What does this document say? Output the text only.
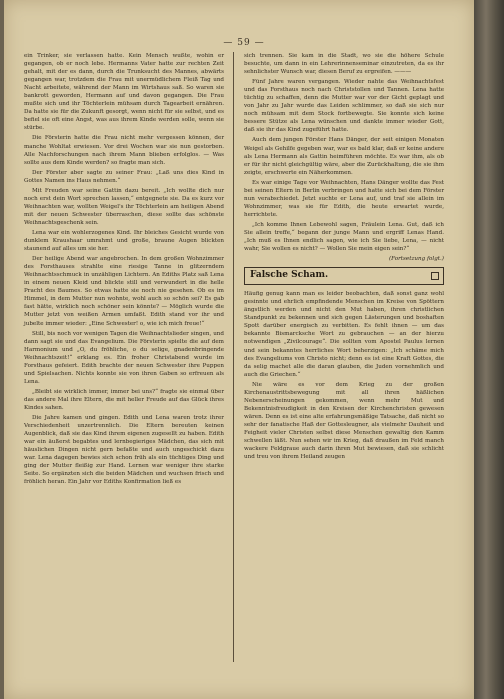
— 59 —

ein Trinker, sie verlassen hatte. Kein Mensch wußte, wohin er gegangen, ob er noch lebe. Hermanns Vater hatte zur rechten Zeit gehalt, mit der es dann, durch die Trunksucht des Mannes, abwärts gegangen war, trotzdem die Frau mit unermüdlichem Fleiß Tag und Nacht arbeitete, während der Mann im Wirtshaus saß. So waren sie bankrott geworden, Hermann auf und davon gegangen. Die Frau mußte sich und ihr Töchterlein mühsam durch Tagearbeit ernähren. Da hatte sie für die Zukunft gesorgt, wenn nicht für sie selbst, und es befiel sie oft eine Angst, was aus ihrem Kinde werden solle, wenn sie stürbe.

Die Försterin hatte die Frau nicht mehr vergessen können, der manche Wohltat erwiesen. Vor drei Wochen war sie nun gestorben. Alle Nachforschungen nach ihrem Mann blieben erfolglos. — Was sollte aus dem Kinde werden? so fragte man sich.

Der Förster aber sagte zu seiner Frau: „Laß uns dies Kind in Gottes Namen ins Haus nehmen.“

Mit Freuden war seine Gattin dazu bereit. „Ich wollte dich nur noch erst dein Wort sprechen lassen,“ entgegnete sie. Da es kurz vor Weihnachten war, wollten Weigel's ihr Töchterlein am heiligen Abend mit der neuen Schwester überraschen, diese sollte das schönste Weihnachtsgeschenk sein.

Lena war ein wohlerzogenes Kind. Ihr bleiches Gesicht wurde von dunklem Kraushaar umrahmt und große, braune Augen blickten staunend auf alles um sie her.

Der heilige Abend war angebrochen. In dem großen Wohnzimmer des Forsthauses strahlte eine riesige Tanne in glitzerndem Weihnachtsschmuck in unzähligen Lichtern. An Ediths Platz saß Lena in einem neuen Kleid und blickte still und verwundert in die helle Pracht des Baumes. So etwas hatte sie noch nie gesehen. Ob es im Himmel, in dem Mutter nun wohnte, wohl auch so schön sei? Es gab fast hätte, wirklich noch schöner sein könnte? — Möglich wurde die Mutter jetzt von weißen Armen umfaßt. Edith stand vor ihr und jubelte immer wieder: „Eine Schwester! o, wie ich mich freue!“

Still, bis noch vor wenigen Tagen die Weihnachtslieder singen, und dann sagt sie und das Evangelium. Die Försterin spielte die auf dem Harmonium und „O, du fröhliche, o du selige, gnadenbringende Weihnachtszeit!“ erklang es. Ein froher Christabend wurde im Forsthaus gefeiert. Edith brachte der neuen Schwester ihre Puppen und Spielsachen. Nichts konnte sie von ihren Gaben so erfreuen als Lena.

„Bleibt sie wirklich immer, immer bei uns?“ fragte sie einmal über das andere Mal ihre Eltern, die mit heller Freude auf das Glück ihres Kindes sahen.

Die Jahre kamen und gingen. Edith und Lena waren trotz ihrer Verschiedenheit unzertrennlich. Die Eltern bereuten keinen Augenblick, daß sie das Kind ihrem eigenen zugesellt zu haben. Edith war ein äußerst begabtes und lernbegieriges Mädchen, das sich mit häuslichen Dingen nicht gern befaßte und auch ungeschickt dazu war. Lena dagegen bewies sich schon früh als ein tüchtiges Ding und ging der Mutter fleißig zur Hand. Lernen war weniger ihre starke Seite. So ergänzten sich die beiden Mädchen und wuchsen frisch und fröhlich heran. Ein Jahr vor Ediths Konfirmation ließ es

sich trennen. Sie kam in die Stadt, wo sie die höhere Schule besuchte, um dann in ein Lehrerinnenseminar einzutreten, da es ihr sehnlichster Wunsch war, diesen Beruf zu ergreifen. ———

Fünf Jahre waren vergangen. Wieder nahte das Weihnachtsfest und das Forsthaus noch nach Christstollen und Tannen. Lena hatte tüchtig zu schaffen, denn die Mutter war vor der Gicht geplagt und von Jahr zu Jahr wurde das Leiden schlimmer, so daß sie sich nur noch mühsam mit dem Stock fortbewegte. Sie konnte sich keine bessere Stütze als Lena wünschen und dankte immer wieder Gott, daß sie ihr das Kind zugeführt hatte.

Auch dem jungen Förster Hans Dänger, der seit einigen Monaten Weigel als Gehilfe gegeben war, war es bald klar, daß er keine andere als Lena Hermann als Gattin heimführen möchte. Es war ihm, als ob er für ihr nicht gleichgültig wäre, aber die Zurückhaltung, die sie ihm zeigte, erschwerte ein Näherkommen.

Es war einige Tage vor Weihnachten, Hans Dänger wollte das Fest bei seinen Eltern in Berlin verbringen und hatte sich bei dem Förster nun verabschiedet. Jetzt suchte er Lena auf, und traf sie allein im Wohnzimmer, was sie für Edith, die heute erwartet wurde, herrichtete.

„Ich komme Ihnen Lebewohl sagen, Fräulein Lena. Gut, daß ich Sie allein treffe,“ begann der junge Mann und ergriff Lenas Hand. „Ich muß es Ihnen endlich sagen, wie ich Sie liebe, Lena, — nicht wahr, Sie wollen es nicht? — Wollen Sie mein eigen sein?“

(Fortsetzung folgt.)
Falsche Scham.

Häufig genug kann man es leider beobachten, daß sonst ganz wohl gesinnte und ehrlich empfindende Menschen im Kreise von Spöttern ängstlich werden und nicht den Mut haben, ihren christlichen Standpunkt zu bekennen und sich gegen Lästerungen und boshaften Spott darüber energisch zu verbitten. Es fehlt ihnen — um das bekannte Bismarcksche Wort zu gebrauchen — an der hierzu notwendigen „Zivilcourage“. Die sollten vom Apostel Paulus lernen und sein bekanntes herrliches Wort beherzigen: „Ich schäme mich des Evangeliums von Christo nicht; denn es ist eine Kraft Gottes, die da selig machet alle die daran glauben, die Juden vornehmlich und auch die Griechen.“

Nie wäre es vor dem Krieg zu der großen Kirchenaustrittsbewegung mit all ihren häßlichen Nebenerscheinungen gekommen, wenn mehr Mut und Bekenntnisfreudigkeit in den Kreisen der Kirchenchristen gewesen wären. Denn es ist eine alte erfahrungsmäßige Tatsache, daß nicht so sehr der fanatische Haß der Gottesleugner, als vielmehr Dauheit und Feigheit vieler Christen selbst diese Menschen gewaltig den Kamm schwellen läßt. Nun sehen wir im Krieg, daß draußen im Feld manch wackere Feldgraue auch darin ihren Mut bewiesen, daß sie schlicht und treu von ihrem Heiland zeugen
